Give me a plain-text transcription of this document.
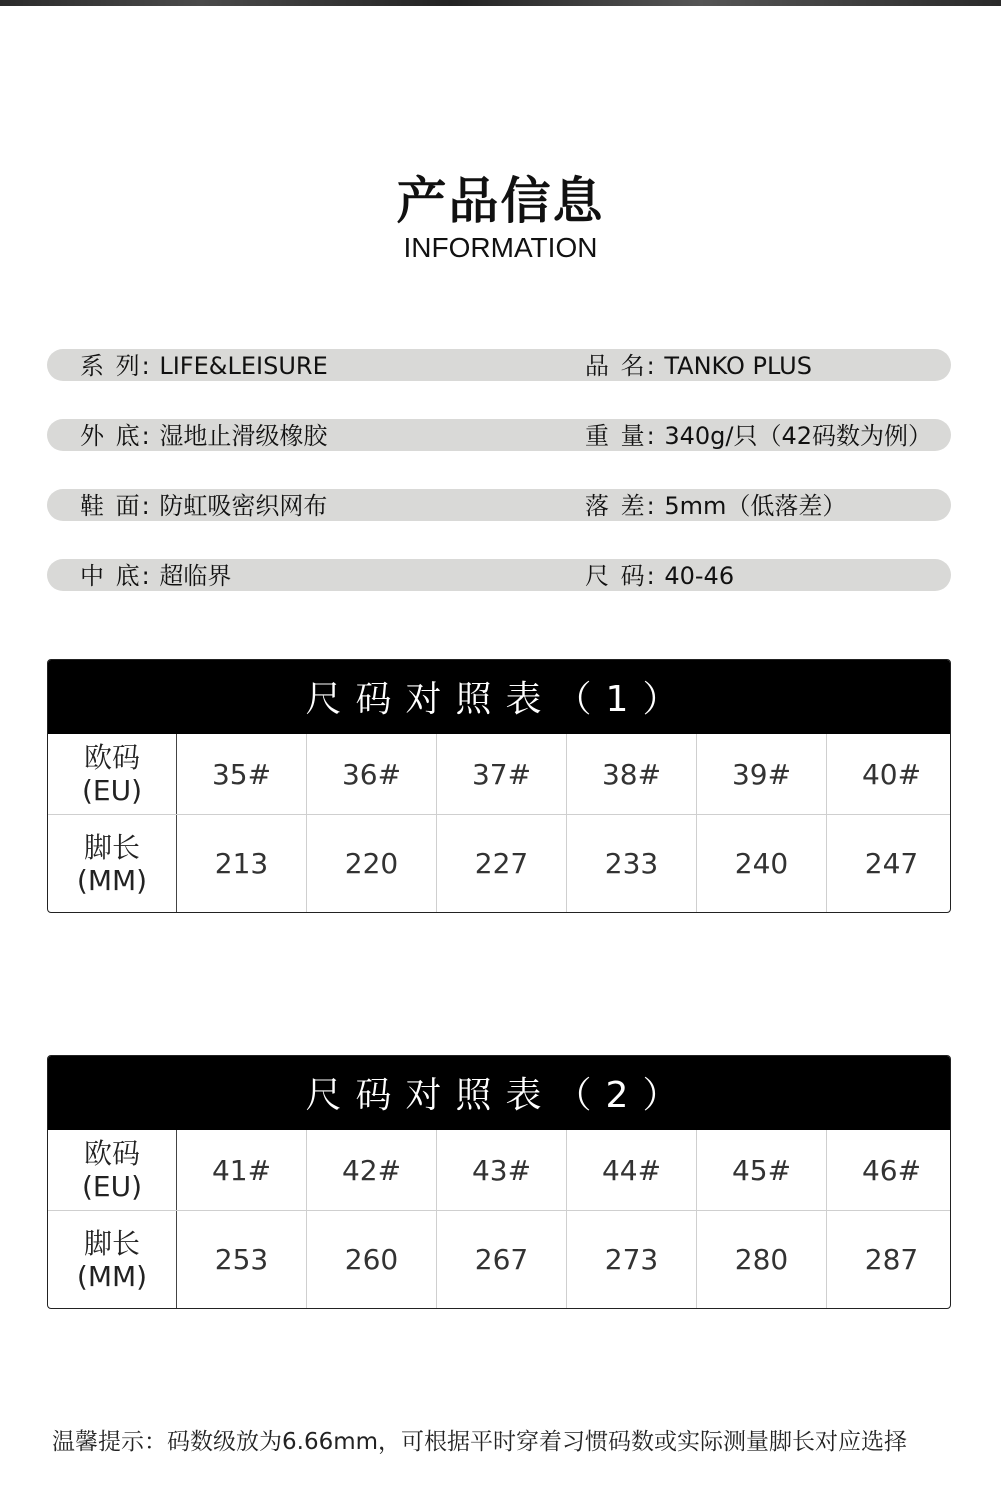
产品信息
INFORMATION
系 列: LIFE&LEISURE	品 名: TANKO PLUS
外 底: 湿地止滑级橡胶	重 量: 340g/只（42码数为例）
鞋 面: 防虹吸密织网布	落 差: 5mm（低落差）
中 底: 超临界	尺 码: 40-46
尺码对照表（1）
欧码
(EU)	35#	36#	37#	38#	39#	40#
脚长
(MM)	213	220	227	233	240	247
尺码对照表（2）
欧码
(EU)	41#	42#	43#	44#	45#	46#
脚长
(MM)	253	260	267	273	280	287
温馨提示：码数级放为6.66mm，可根据平时穿着习惯码数或实际测量脚长对应选择
